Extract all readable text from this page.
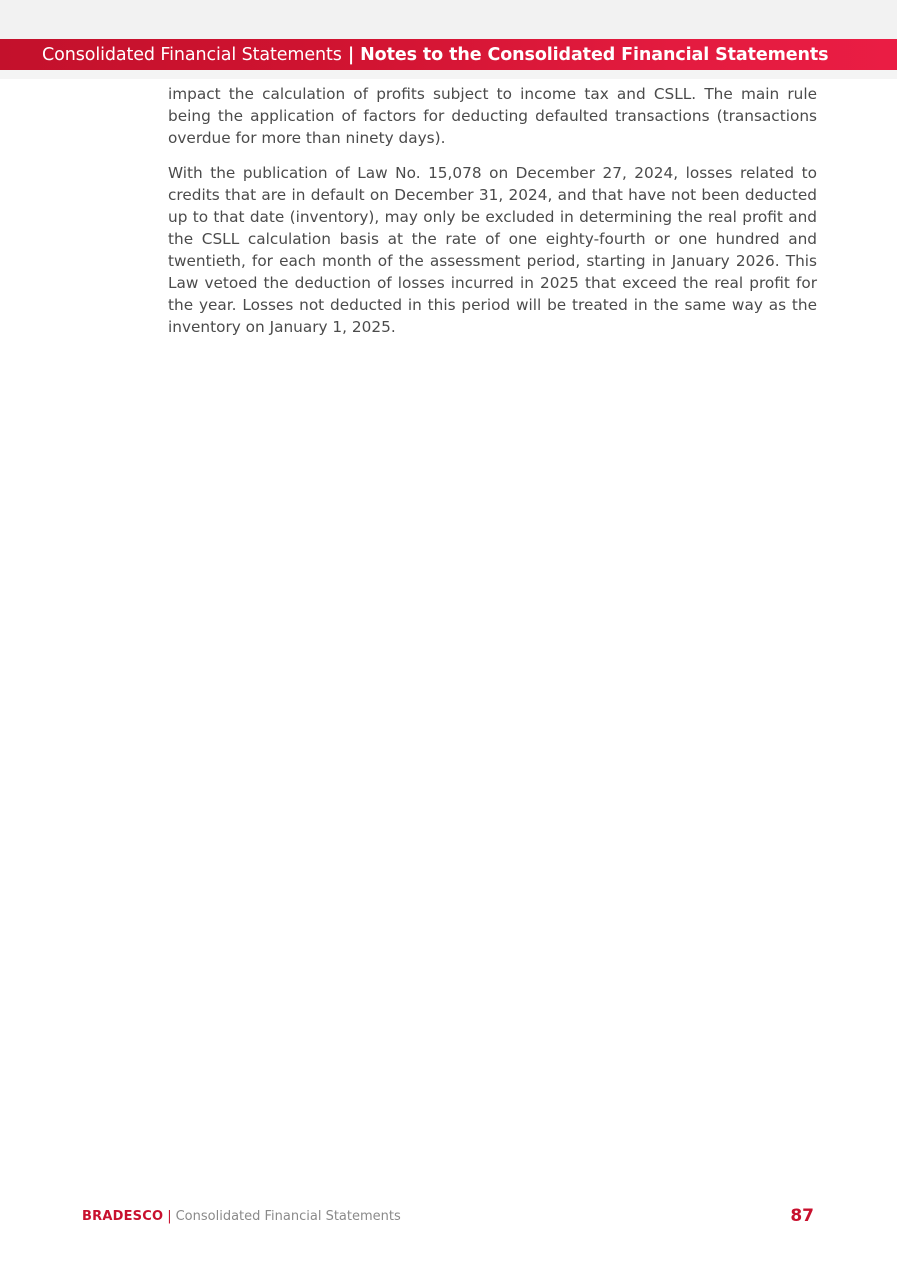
Consolidated Financial Statements | Notes to the Consolidated Financial Statements

impact the calculation of profits subject to income tax and CSLL. The main rule being the application of factors for deducting defaulted transactions (transactions overdue for more than ninety days).

With the publication of Law No. 15,078 on December 27, 2024, losses related to credits that are in default on December 31, 2024, and that have not been deducted up to that date (inventory), may only be excluded in determining the real profit and the CSLL calculation basis at the rate of one eighty-fourth or one hundred and twentieth, for each month of the assessment period, starting in January 2026. This Law vetoed the deduction of losses incurred in 2025 that exceed the real profit for the year. Losses not deducted in this period will be treated in the same way as the inventory on January 1, 2025.

BRADESCO | Consolidated Financial Statements	87
